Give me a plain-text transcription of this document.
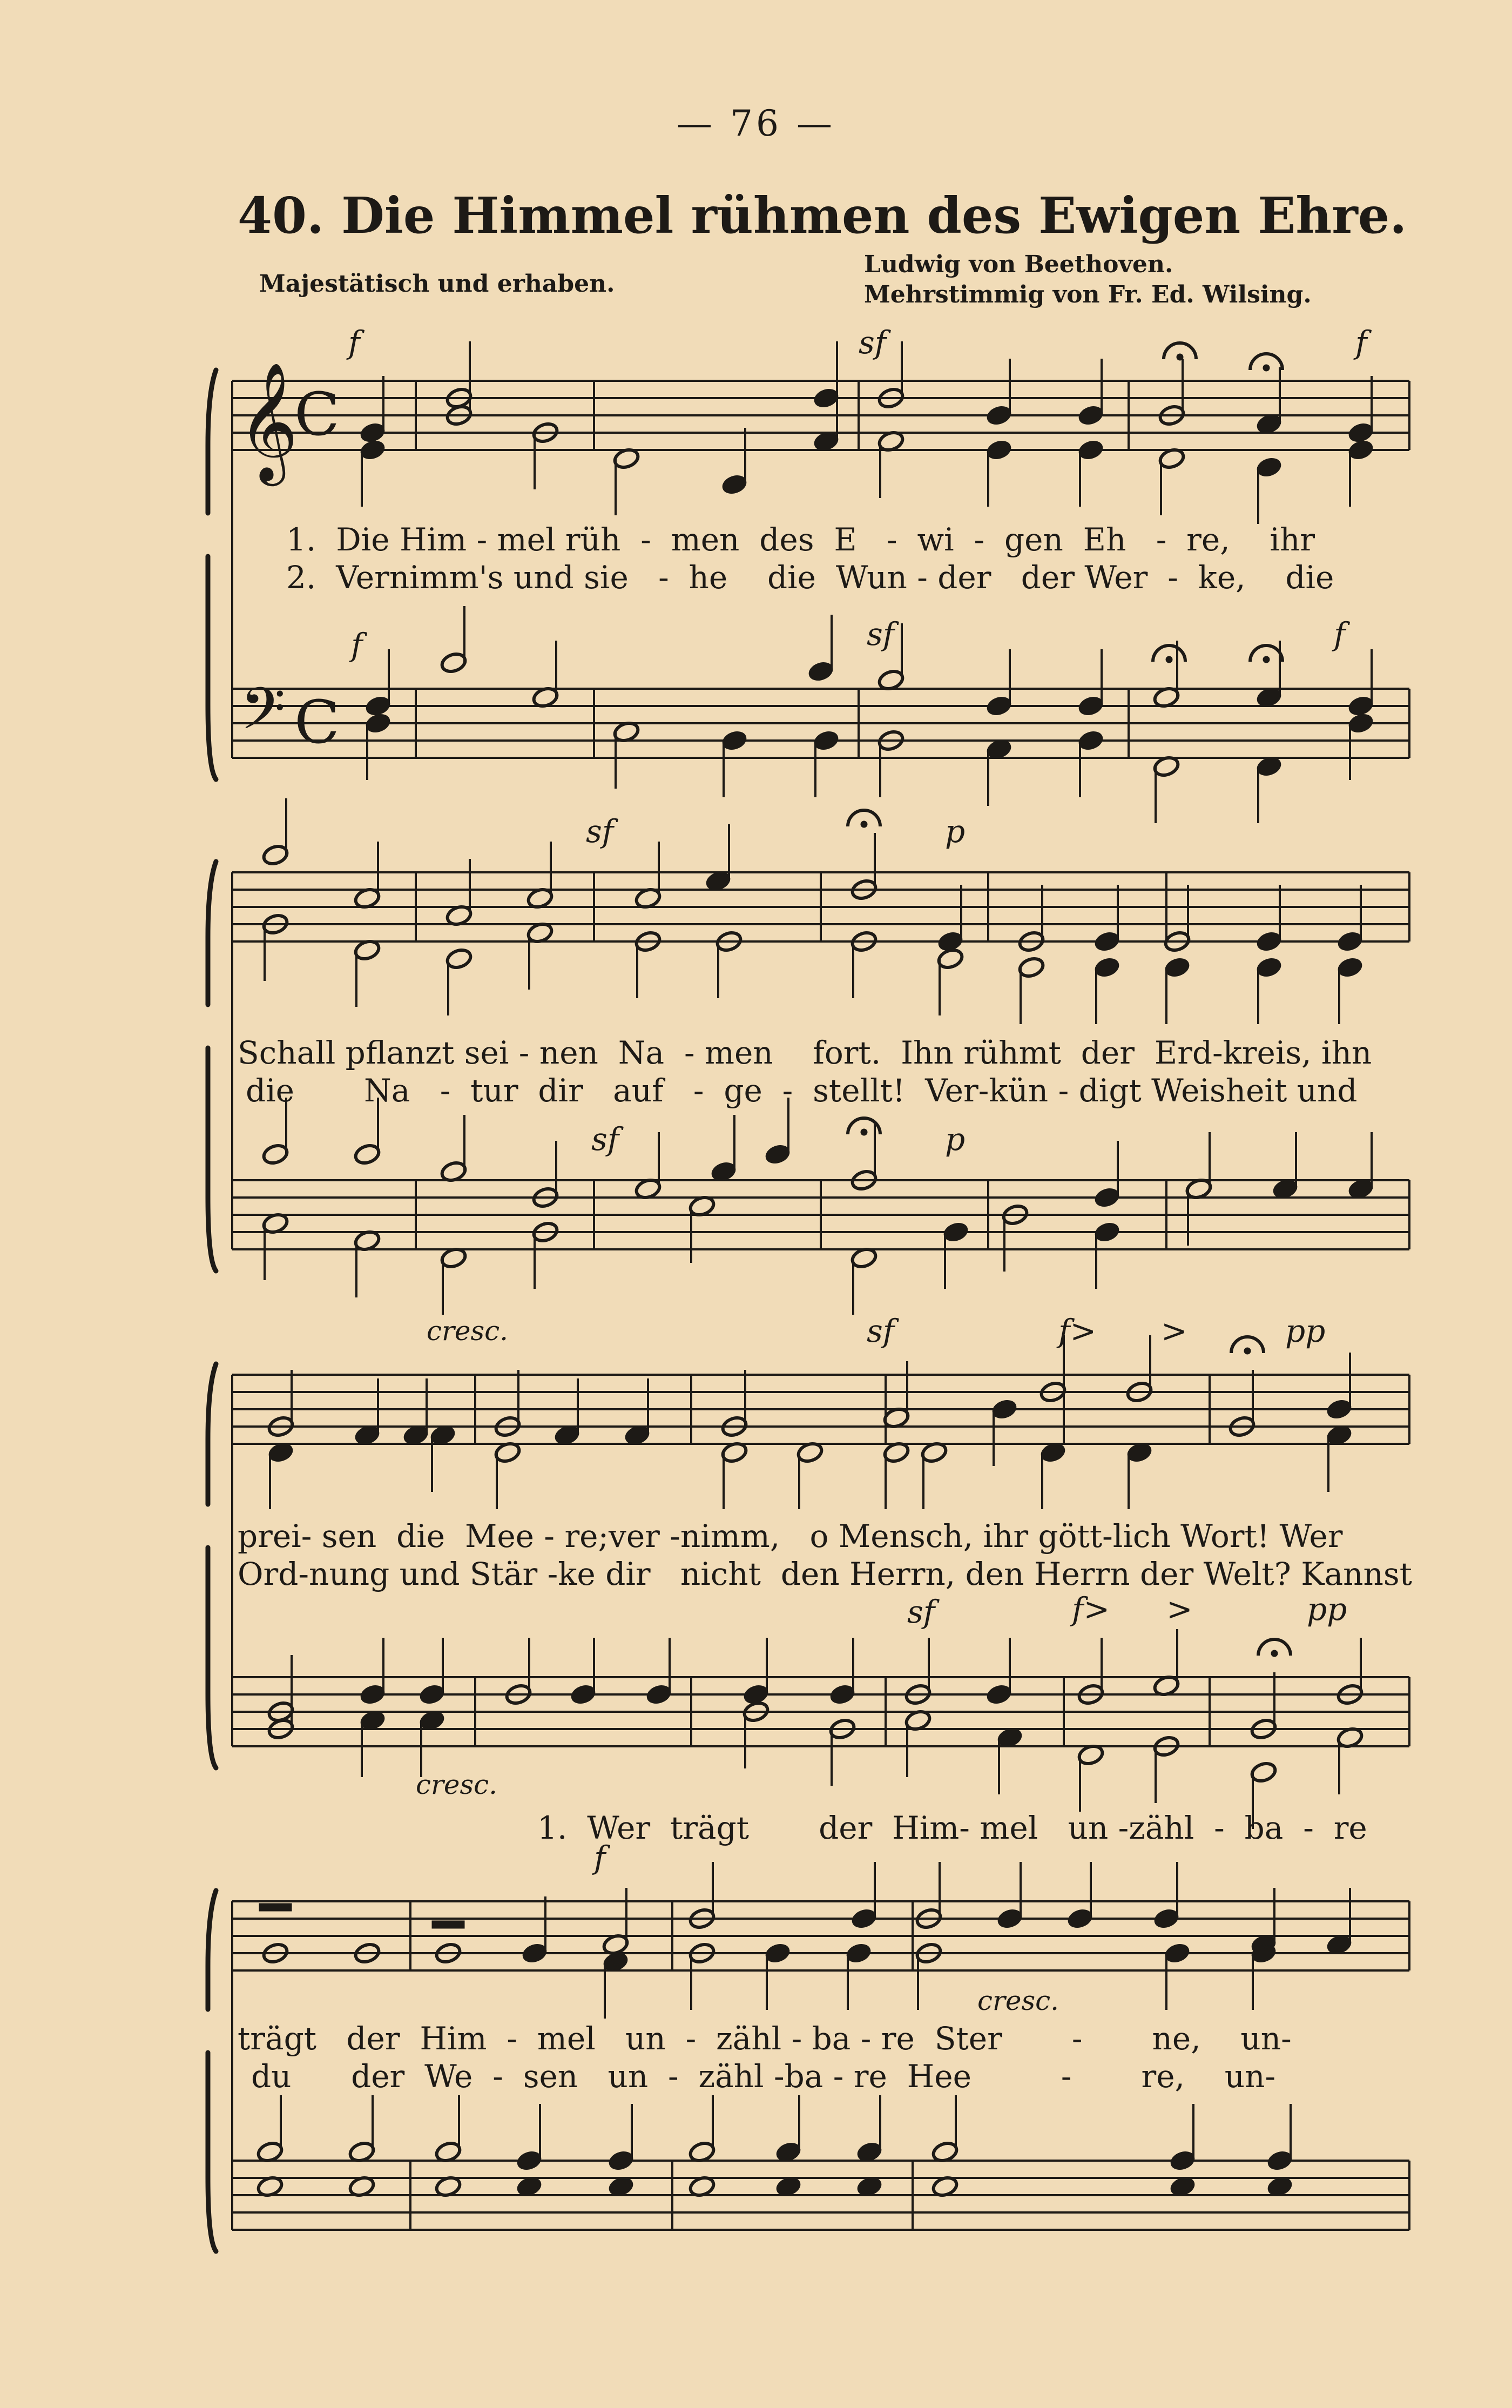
— 76 —
40. Die Himmel rühmen des Ewigen Ehre.
Ludwig von Beethoven.
Mehrstimmig von Fr. Ed. Wilsing.
Majestätisch und erhaben.
𝄞
C
𝄢 C
f	sf	f
f	sf	f
sf	p
sf	p
cresc.	sf	f> >	pp
sf	f> >	pp
cresc.
f
cresc.
1.  Die Him - mel rüh  -  men  des  E   -  wi  -  gen  Eh   -  re,    ihr
2.  Vernimm's und sie   -  he    die  Wun - der   der Wer  -  ke,    die
Schall pflanzt sei - nen  Na  - men    fort.  Ihn rühmt  der  Erd-kreis, ihn
die       Na   -  tur  dir   auf   -  ge  -  stellt!  Ver-kün - digt Weisheit und
prei- sen  die  Mee - re;ver -nimm,   o Mensch, ihr gött-lich Wort! Wer
Ord-nung und Stär -ke dir   nicht  den Herrn, den Herrn der Welt? Kannst
1.  Wer  trägt       der  Him- mel   un -zähl  -  ba  -  re
trägt   der  Him  -  mel   un  -  zähl - ba - re  Ster       -       ne,    un-
du      der  We  -  sen   un  -  zähl -ba - re  Hee         -       re,    un-
